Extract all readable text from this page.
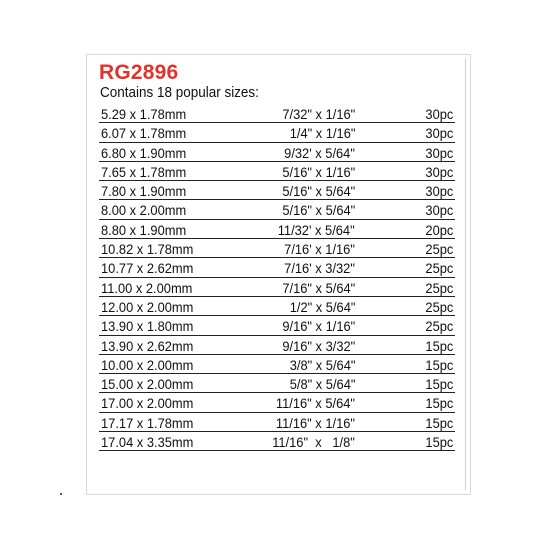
RG2896
Contains 18 popular sizes:
5.29 x 1.78mm	7/32" x 1/16"	30pc
6.07 x 1.78mm	1/4" x 1/16"	30pc
6.80 x 1.90mm	9/32' x 5/64"	30pc
7.65 x 1.78mm	5/16" x 1/16"	30pc
7.80 x 1.90mm	5/16" x 5/64"	30pc
8.00 x 2.00mm	5/16" x 5/64"	30pc
8.80 x 1.90mm	11/32' x 5/64"	20pc
10.82 x 1.78mm	7/16' x 1/16"	25pc
10.77 x 2.62mm	7/16' x 3/32"	25pc
11.00 x 2.00mm	7/16" x 5/64"	25pc
12.00 x 2.00mm	1/2" x 5/64"	25pc
13.90 x 1.80mm	9/16" x 1/16"	25pc
13.90 x 2.62mm	9/16" x 3/32"	15pc
10.00 x 2.00mm	3/8" x 5/64"	15pc
15.00 x 2.00mm	5/8" x 5/64"	15pc
17.00 x 2.00mm	11/16" x 5/64"	15pc
17.17 x 1.78mm	11/16" x 1/16"	15pc
17.04 x 3.35mm	11/16"  x   1/8"	15pc
